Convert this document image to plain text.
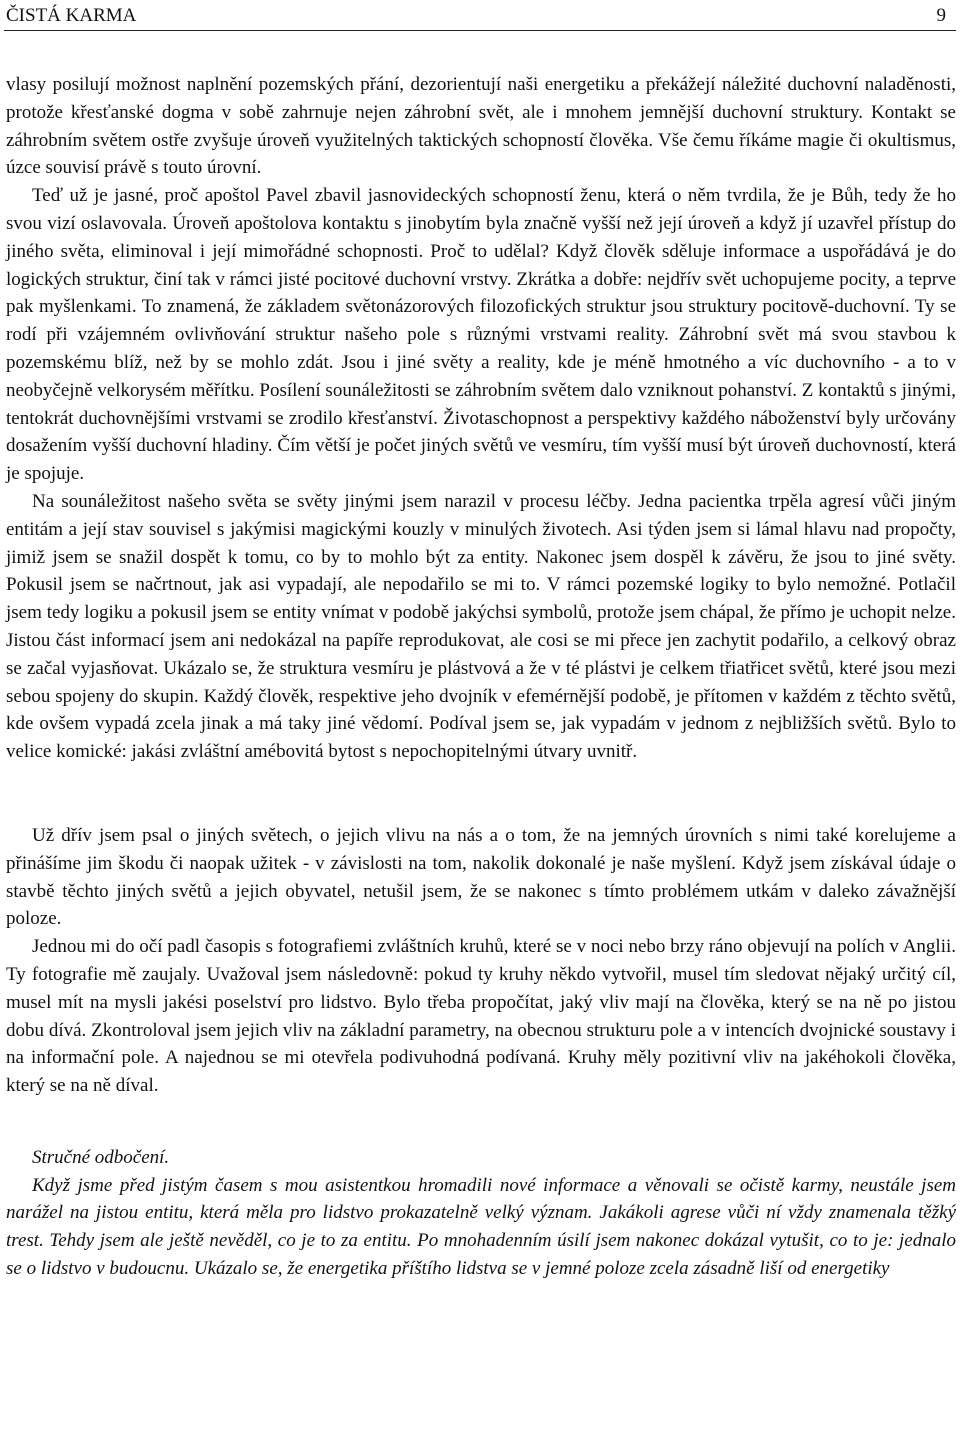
ČISTÁ KARMA	9

vlasy posilují možnost naplnění pozemských přání, dezorientují naši energetiku a překážejí náležité duchovní naladěnosti, protože křesťanské dogma v sobě zahrnuje nejen záhrobní svět, ale i mnohem jemnější duchovní struktury. Kontakt se záhrobním světem ostře zvyšuje úroveň využitelných taktických schopností člověka. Vše čemu říkáme magie či okultismus, úzce souvisí právě s touto úrovní.

Teď už je jasné, proč apoštol Pavel zbavil jasnovideckých schopností ženu, která o něm tvrdila, že je Bůh, tedy že ho svou vizí oslavovala. Úroveň apoštolova kontaktu s jinobytím byla značně vyšší než její úroveň a když jí uzavřel přístup do jiného světa, eliminoval i její mimořádné schopnosti. Proč to udělal? Když člověk sděluje informace a uspořádává je do logických struktur, činí tak v rámci jisté pocitové duchovní vrstvy. Zkrátka a dobře: nejdřív svět uchopujeme pocity, a teprve pak myšlenkami. To znamená, že základem světonázorových filozofických struktur jsou struktury pocitově-duchovní. Ty se rodí při vzájemném ovlivňování struktur našeho pole s různými vrstvami reality. Záhrobní svět má svou stavbou k pozemskému blíž, než by se mohlo zdát. Jsou i jiné světy a reality, kde je méně hmotného a víc duchovního - a to v neobyčejně velkorysém měřítku. Posílení sounáležitosti se záhrobním světem dalo vzniknout pohanství. Z kontaktů s jinými, tentokrát duchovnějšími vrstvami se zrodilo křesťanství. Životaschopnost a perspektivy každého náboženství byly určovány dosažením vyšší duchovní hladiny. Čím větší je počet jiných světů ve vesmíru, tím vyšší musí být úroveň duchovností, která je spojuje.

Na sounáležitost našeho světa se světy jinými jsem narazil v procesu léčby. Jedna pacientka trpěla agresí vůči jiným entitám a její stav souvisel s jakýmisi magickými kouzly v minulých životech. Asi týden jsem si lámal hlavu nad propočty, jimiž jsem se snažil dospět k tomu, co by to mohlo být za entity. Nakonec jsem dospěl k závěru, že jsou to jiné světy. Pokusil jsem se načrtnout, jak asi vypadají, ale nepodařilo se mi to. V rámci pozemské logiky to bylo nemožné. Potlačil jsem tedy logiku a pokusil jsem se entity vnímat v podobě jakýchsi symbolů, protože jsem chápal, že přímo je uchopit nelze. Jistou část informací jsem ani nedokázal na papíře reprodukovat, ale cosi se mi přece jen zachytit podařilo, a celkový obraz se začal vyjasňovat. Ukázalo se, že struktura vesmíru je plástvová a že v té plástvi je celkem třiatřicet světů, které jsou mezi sebou spojeny do skupin. Každý člověk, respektive jeho dvojník v efemérnější podobě, je přítomen v každém z těchto světů, kde ovšem vypadá zcela jinak a má taky jiné vědomí. Podíval jsem se, jak vypadám v jednom z nejbližších světů. Bylo to velice komické: jakási zvláštní amébovitá bytost s nepochopitelnými útvary uvnitř.

Už dřív jsem psal o jiných světech, o jejich vlivu na nás a o tom, že na jemných úrovních s nimi také korelujeme a přinášíme jim škodu či naopak užitek - v závislosti na tom, nakolik dokonalé je naše myšlení. Když jsem získával údaje o stavbě těchto jiných světů a jejich obyvatel, netušil jsem, že se nakonec s tímto problémem utkám v daleko závažnější poloze.

Jednou mi do očí padl časopis s fotografiemi zvláštních kruhů, které se v noci nebo brzy ráno objevují na polích v Anglii. Ty fotografie mě zaujaly. Uvažoval jsem následovně: pokud ty kruhy někdo vytvořil, musel tím sledovat nějaký určitý cíl, musel mít na mysli jakési poselství pro lidstvo. Bylo třeba propočítat, jaký vliv mají na člověka, který se na ně po jistou dobu dívá. Zkontroloval jsem jejich vliv na základní parametry, na obecnou strukturu pole a v intencích dvojnické soustavy i na informační pole. A najednou se mi otevřela podivuhodná podívaná. Kruhy měly pozitivní vliv na jakéhokoli člověka, který se na ně díval.

Stručné odbočení.

Když jsme před jistým časem s mou asistentkou hromadili nové informace a věnovali se očistě karmy, neustále jsem narážel na jistou entitu, která měla pro lidstvo prokazatelně velký význam. Jakákoli agrese vůči ní vždy znamenala těžký trest. Tehdy jsem ale ještě nevěděl, co je to za entitu. Po mnohadenním úsilí jsem nakonec dokázal vytušit, co to je: jednalo se o lidstvo v budoucnu. Ukázalo se, že energetika příštího lidstva se v jemné poloze zcela zásadně liší od energetiky
